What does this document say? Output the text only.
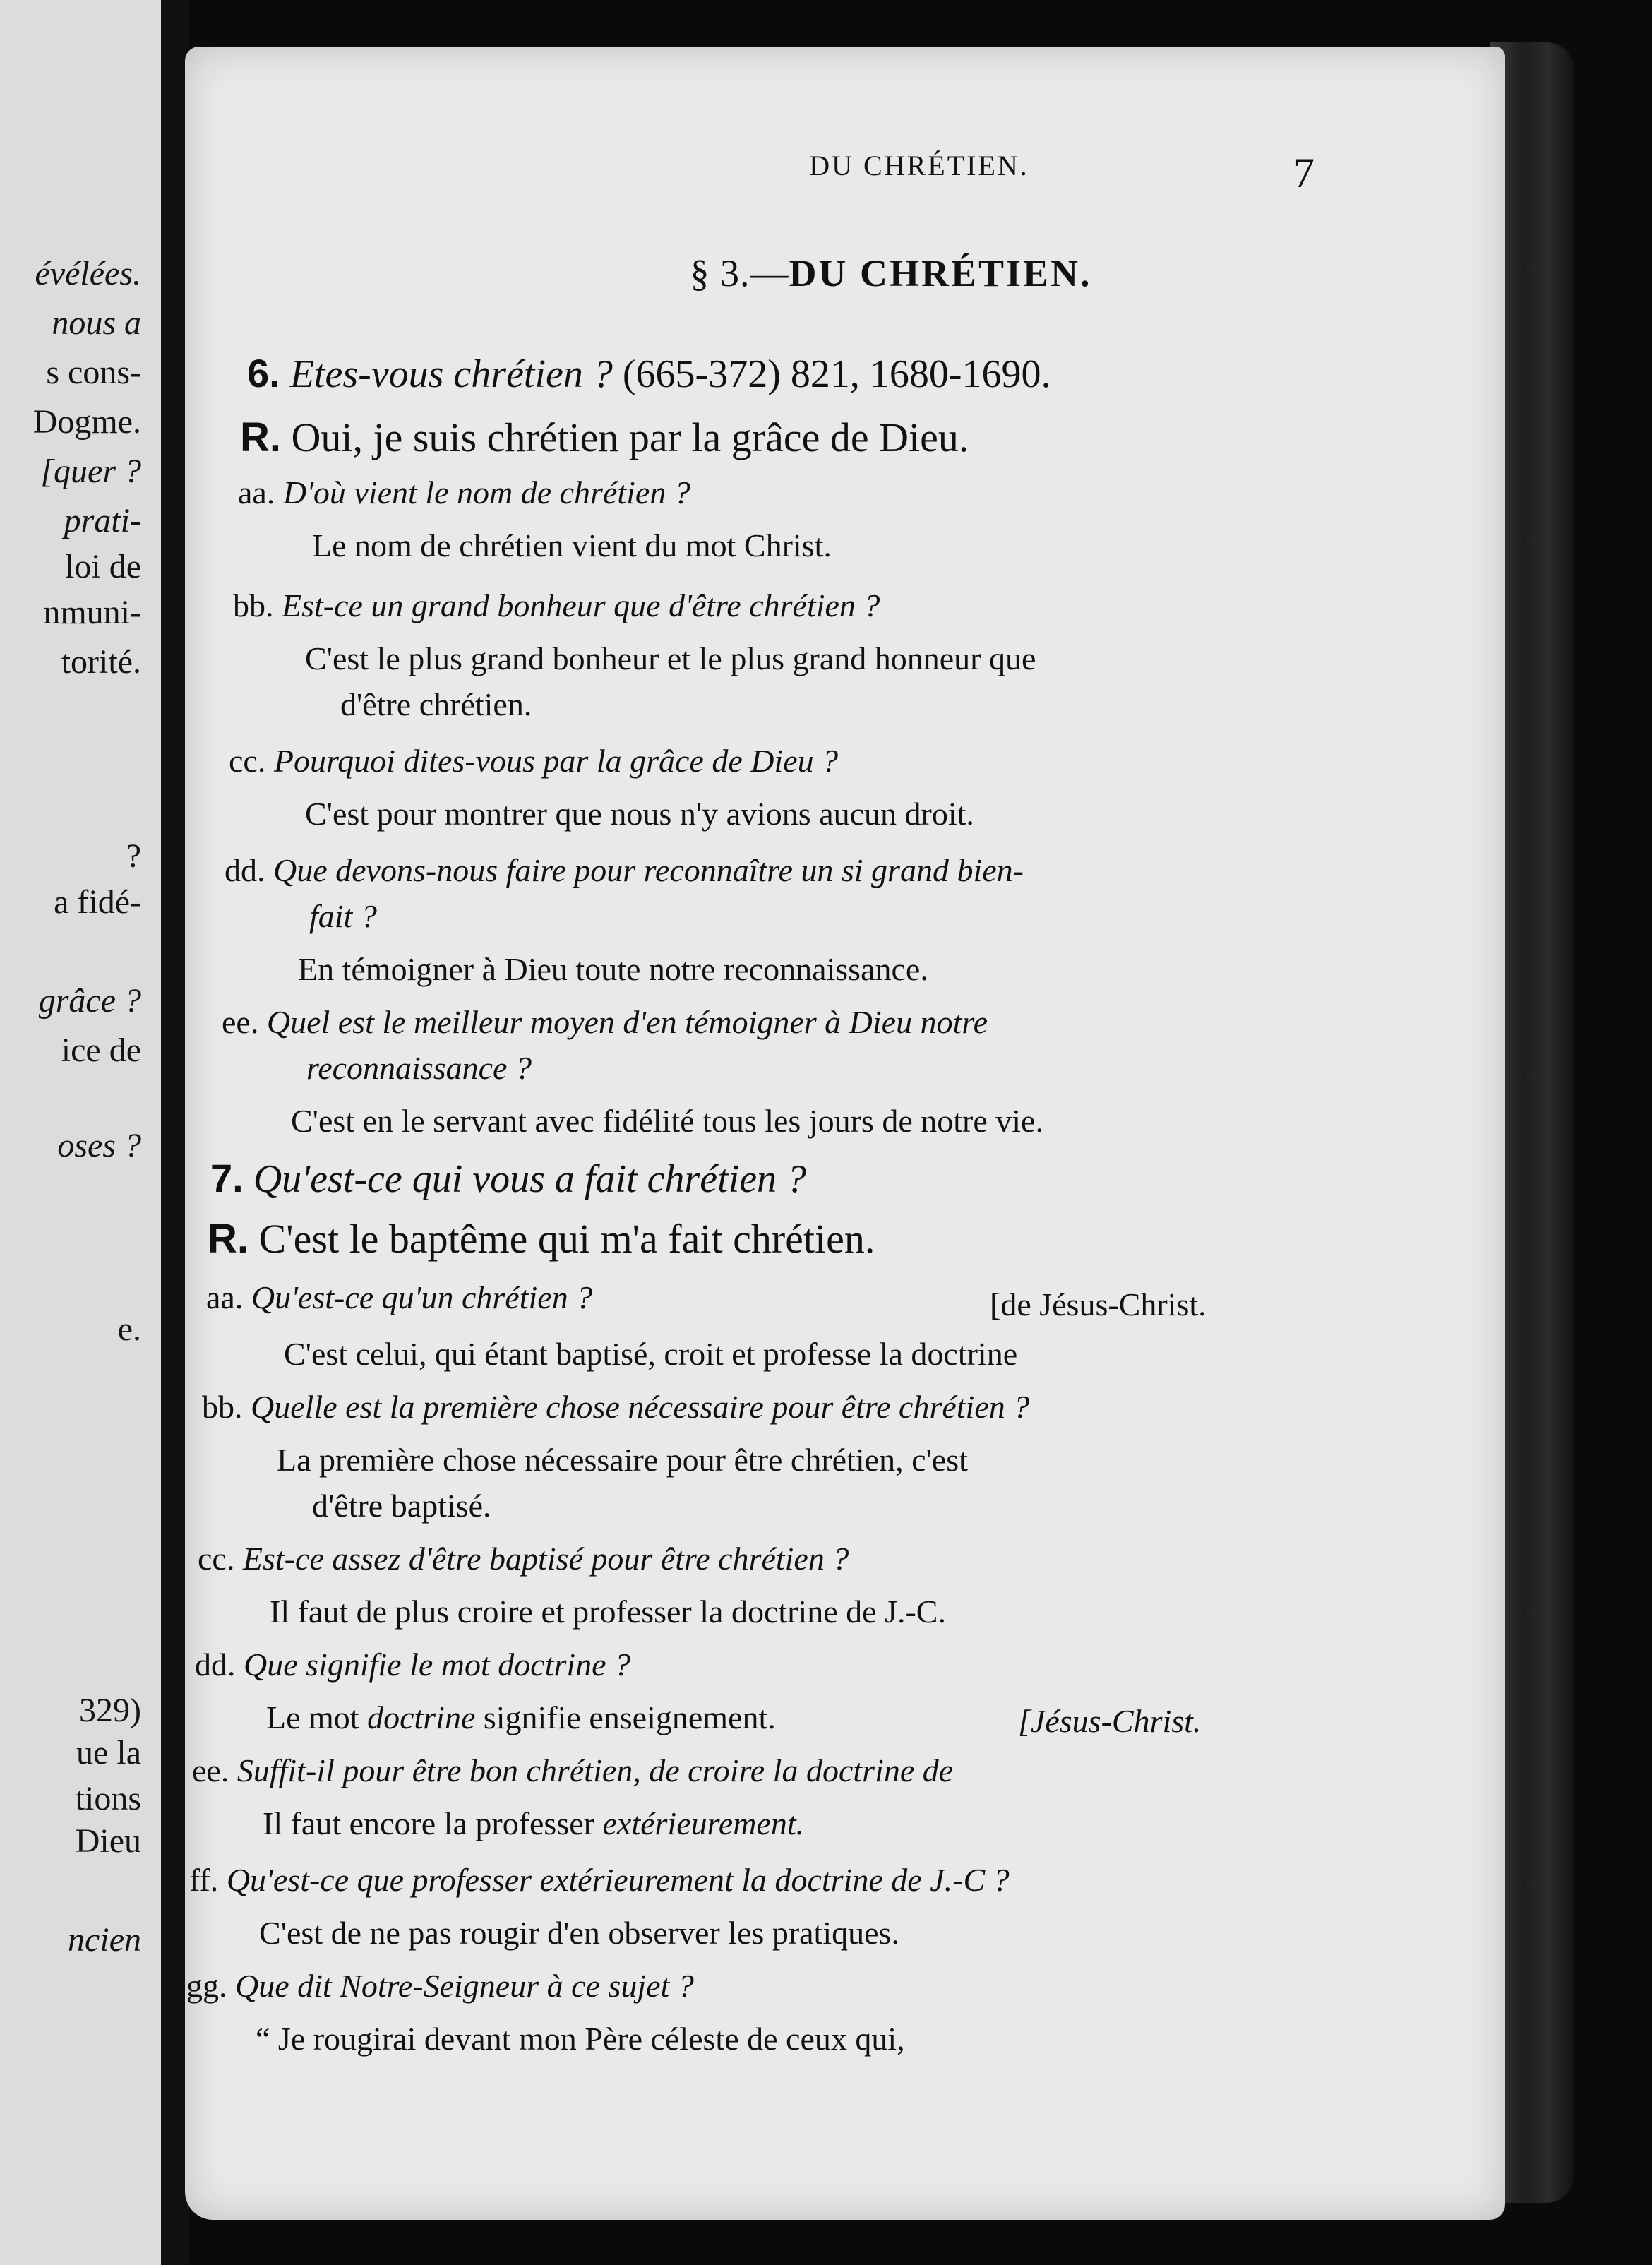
évélées.
nous a
s cons-
Dogme.
[quer ?
prati-
loi de
nmuni-
torité.
?
a fidé-
grâce ?
ice de
oses ?
e.
329)
ue la
tions
Dieu
ncien
DU CHRÉTIEN.	7
§ 3.—DU CHRÉTIEN.
6. Etes-vous chrétien ? (665-372) 821, 1680-1690.
R. Oui, je suis chrétien par la grâce de Dieu.
aa. D'où vient le nom de chrétien ?
Le nom de chrétien vient du mot Christ.
bb. Est-ce un grand bonheur que d'être chrétien ?
C'est le plus grand bonheur et le plus grand honneur que
d'être chrétien.
cc. Pourquoi dites-vous par la grâce de Dieu ?
C'est pour montrer que nous n'y avions aucun droit.
dd. Que devons-nous faire pour reconnaître un si grand bien-
fait ?
En témoigner à Dieu toute notre reconnaissance.
ee. Quel est le meilleur moyen d'en témoigner à Dieu notre
reconnaissance ?
C'est en le servant avec fidélité tous les jours de notre vie.
7. Qu'est-ce qui vous a fait chrétien ?
R. C'est le baptême qui m'a fait chrétien.
aa. Qu'est-ce qu'un chrétien ?
C'est celui, qui étant baptisé, croit et professe la doctrine
[de Jésus-Christ.
bb. Quelle est la première chose nécessaire pour être chrétien ?
La première chose nécessaire pour être chrétien, c'est
d'être baptisé.
cc. Est-ce assez d'être baptisé pour être chrétien ?
Il faut de plus croire et professer la doctrine de J.-C.
dd. Que signifie le mot doctrine ?
Le mot doctrine signifie enseignement.	[Jésus-Christ.
ee. Suffit-il pour être bon chrétien, de croire la doctrine de
Il faut encore la professer extérieurement.
ff. Qu'est-ce que professer extérieurement la doctrine de J.-C ?
C'est de ne pas rougir d'en observer les pratiques.
gg. Que dit Notre-Seigneur à ce sujet ?
“ Je rougirai devant mon Père céleste de ceux qui,
